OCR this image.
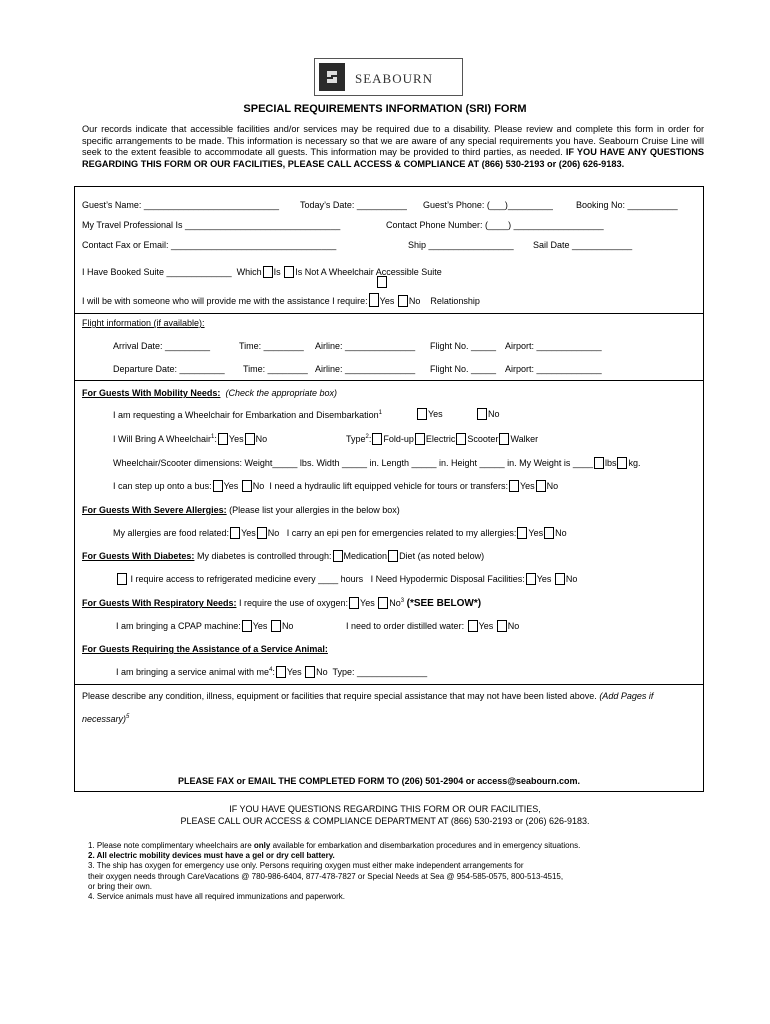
SEABOURN
SPECIAL REQUIREMENTS INFORMATION (SRI) FORM
Our records indicate that accessible facilities and/or services may be required due to a disability. Please review and complete this form in order for specific arrangements to be made. This information is necessary so that we are aware of any special requirements you have. Seabourn Cruise Line will seek to the extent feasible to accommodate all guests. This information may be provided to third parties, as needed. IF YOU HAVE ANY QUESTIONS REGARDING THIS FORM OR OUR FACILITIES, PLEASE CALL ACCESS & COMPLIANCE AT (866) 530-2193 or (206) 626-9183.
Guest’s Name: ___________________________ Today’s Date: __________ Guest’s Phone: (___)_________	Booking No: __________
My Travel Professional Is _______________________________	Contact Phone Number: (____) __________________
Contact Fax or Email: _________________________________	Ship _________________ Sail Date ____________
I Have Booked Suite _____________ Which Is Is Not A Wheelchair Accessible Suite
I will be with someone who will provide me with the assistance I require: Yes No Relationship
Flight information (if available):
Arrival Date: _________	Time: ________ Airline: ______________ Flight No. _____ Airport: _____________
Departure Date: _________ Time: ________ Airline: ______________ Flight No. _____ Airport: _____________
For Guests With Mobility Needs: (Check the appropriate box)
I am requesting a Wheelchair for Embarkation and Disembarkation$^1$	Yes	No
I Will Bring A Wheelchair$^1$: Yes No	Type$^2$: Fold-up Electric Scooter Walker
Wheelchair/Scooter dimensions: Weight_____ lbs. Width _____ in. Length _____ in. Height _____ in. My Weight is ____ lbs kg.
I can step up onto a bus: Yes No I need a hydraulic lift equipped vehicle for tours or transfers: Yes No
For Guests With Severe Allergies: (Please list your allergies in the below box)
My allergies are food related: Yes No I carry an epi pen for emergencies related to my allergies: Yes No
For Guests With Diabetes: My diabetes is controlled through: Medication Diet (as noted below)
I require access to refrigerated medicine every ____ hours I Need Hypodermic Disposal Facilities: Yes No
For Guests With Respiratory Needs: I require the use of oxygen: Yes No$^3$ (*SEE BELOW*)
I am bringing a CPAP machine: Yes No	I need to order distilled water: Yes No
For Guests Requiring the Assistance of a Service Animal:
I am bringing a service animal with $me^4$: Yes No Type: ______________
Please describe any condition, illness, equipment or facilities that require special assistance that may not have been listed above. (Add Pages if
necessary)$^5$
PLEASE FAX or EMAIL THE COMPLETED FORM TO (206) 501-2904 or access@seabourn.com.
IF YOU HAVE QUESTIONS REGARDING THIS FORM OR OUR FACILITIES,
PLEASE CALL OUR ACCESS & COMPLIANCE DEPARTMENT AT (866) 530-2193 or (206) 626-9183.
1. Please note complimentary wheelchairs are only available for embarkation and disembarkation procedures and in emergency situations.
2. All electric mobility devices must have a gel or dry cell battery.
3. The ship has oxygen for emergency use only. Persons requiring oxygen must either make independent arrangements for
their oxygen needs through CareVacations @ 780-986-6404, 877-478-7827 or Special Needs at Sea @ 954-585-0575, 800-513-4515,
or bring their own.
4. Service animals must have all required immunizations and paperwork.
